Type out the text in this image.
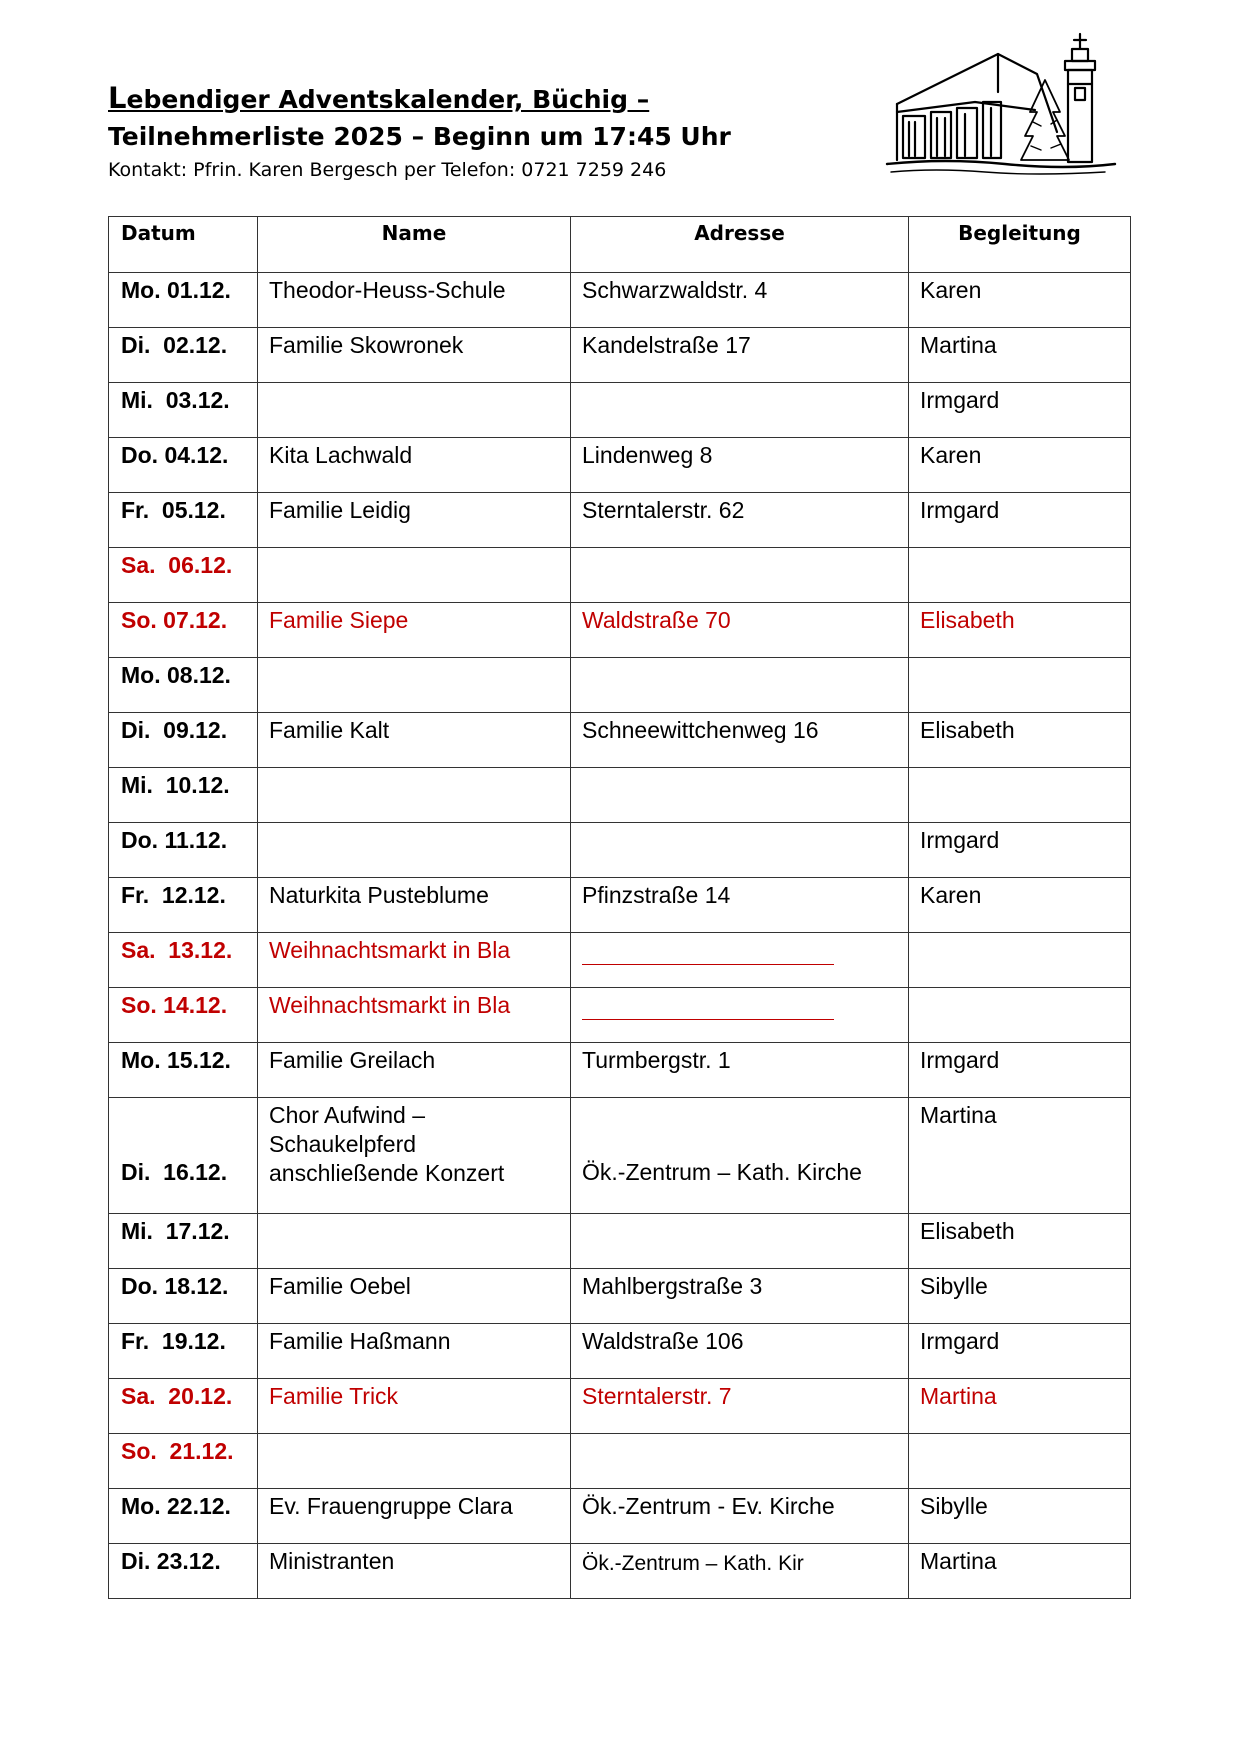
Lebendiger Adventskalender, Büchig –
Teilnehmerliste 2025 – Beginn um 17:45 Uhr
Kontakt: Pfrin. Karen Bergesch per Telefon: 0721 7259 246
Datum	Name	Adresse	Begleitung

Mo. 01.12.	Theodor-Heuss-Schule	Schwarzwaldstr. 4	Karen

Di.  02.12.	Familie Skowronek	Kandelstraße 17	Martina

Mi.  03.12.			Irmgard

Do. 04.12.	Kita Lachwald	Lindenweg 8	Karen

Fr.  05.12.	Familie Leidig	Sterntalerstr. 62	Irmgard

Sa.  06.12.			

So. 07.12.	Familie Siepe	Waldstraße 70	Elisabeth

Mo. 08.12.			

Di.  09.12.	Familie Kalt	Schneewittchenweg 16	Elisabeth

Mi.  10.12.			

Do. 11.12.			Irmgard

Fr.  12.12.	Naturkita Pusteblume	Pfinzstraße 14	Karen

Sa.  13.12.	Weihnachtsmarkt in Bla		

So. 14.12.	Weihnachtsmarkt in Bla		

Mo. 15.12.	Familie Greilach	Turmbergstr. 1	Irmgard

Di.  16.12.	Chor Aufwind – Schaukelpferd anschließende Konzert	Ök.-Zentrum – Kath. Kirche	Martina

Mi.  17.12.			Elisabeth

Do. 18.12.	Familie Oebel	Mahlbergstraße 3	Sibylle

Fr.  19.12.	Familie Haßmann	Waldstraße 106	Irmgard

Sa.  20.12.	Familie Trick	Sterntalerstr. 7	Martina

So.  21.12.			

Mo. 22.12.	Ev. Frauengruppe Clara	Ök.-Zentrum - Ev. Kirche	Sibylle

Di. 23.12.	Ministranten	Ök.-Zentrum – Kath. Kir	Martina
